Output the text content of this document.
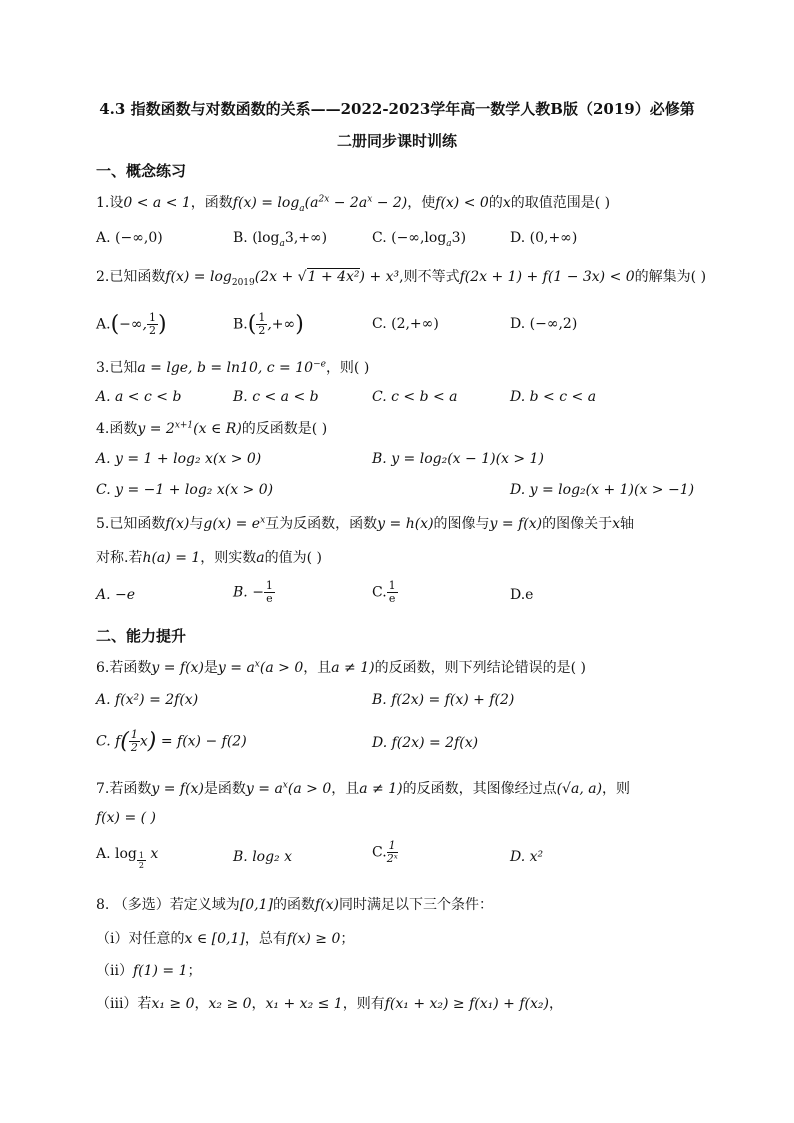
4.3 指数函数与对数函数的关系——2022-2023学年高一数学人教B版（2019）必修第
二册同步课时训练
一、概念练习
1.设0 < a < 1，函数$f(x) = \log_a(a^{2x} - 2a^x - 2)$，使f(x) < 0的x的取值范围是( )
A. (−∞,0)	B. $(\log_a3,+\infty)$	C. $(-\infty,\log_a3)$	D. (0,+∞)
2.已知函数$f(x) = \log_{2019}(2x + √1 + 4x^2) + x^3$,则不等式f(2x + 1) + f(1 − 3x) < 0的解集为( )
A.(−∞, $\frac{1}{2}$ )	$B.( \frac{1}{2}$ ,+∞)	C. (2,+∞)	D. (−∞,2)
3.已知a = lge, b = ln10, $c = 10^{-e}$，则( )
A. a < c < b	B. c < a < b	C. c < b < a	D. b < c < a
4.函数$y = 2^{x+1}(x$ ∈ R)的反函数是( )
A. y = 1 + log₂ x(x > 0)	B. y = log₂(x − 1)(x > 1)
C. y = −1 + log₂ x(x > 0)	D. y = log₂(x + 1)(x > −1)
5.已知函数f(x)与$g(x) = e^x$互为反函数，函数y = h(x)的图像与y = f(x)的图像关于x轴
对称.若h(a) = 1，则实数a的值为( )
A. −e	B. − $\frac{1}{e}$	C. $\frac{1}{e}$	D.e
二、能力提升
6.若函数y = f(x)是$y = a^x(a > 0$，且a ≠ 1)的反函数，则下列结论错误的是( )
A. f(x²) = 2f(x)	B. f(2x) = f(x) + f(2)
C. $f( \frac{1}{2} x) = f(x) - f(2)$	D. f(2x) = 2f(x)
7.若函数y = f(x)是函数$y = a^x(a > 0$，且a ≠ 1)的反函数，其图像经过点(√a, a)，则
f(x) = ( )
A. $\log \frac{1}{2}$ x	B. log₂ x	C. $\frac{1}{\text{2ˣ}}$	D. x²
8. （多选）若定义域为[0,1]的函数f(x)同时满足以下三个条件：
（i）对任意的x ∈ [0,1]，总有f(x) ≥ 0；
（ii）f(1) = 1；
（iii）若x₁ ≥ 0，x₂ ≥ 0，x₁ + x₂ ≤ 1，则有f(x₁ + x₂) ≥ f(x₁) + f(x₂)，
